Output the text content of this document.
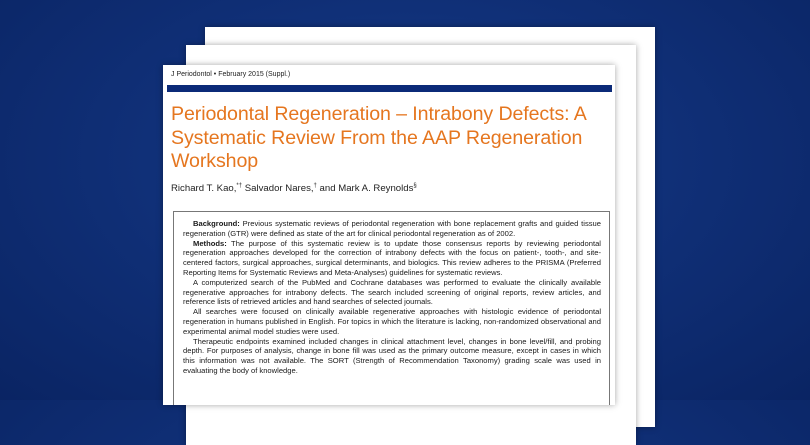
J Periodontol • February 2015 (Suppl.)
Periodontal Regeneration – Intrabony Defects: A Systematic Review From the AAP Regeneration Workshop
Richard T. Kao,*† Salvador Nares,† and Mark A. Reynolds§

Background: Previous systematic reviews of periodontal regeneration with bone replacement grafts and guided tissue regeneration (GTR) were defined as state of the art for clinical periodontal regeneration as of 2002.

Methods: The purpose of this systematic review is to update those consensus reports by reviewing periodontal regeneration approaches developed for the correction of intrabony defects with the focus on patient-, tooth-, and site-centered factors, surgical approaches, surgical determinants, and biologics. This review adheres to the PRISMA (Preferred Reporting Items for Systematic Reviews and Meta-Analyses) guidelines for systematic reviews.

A computerized search of the PubMed and Cochrane databases was performed to evaluate the clinically available regenerative approaches for intrabony defects. The search included screening of original reports, review articles, and reference lists of retrieved articles and hand searches of selected journals.

All searches were focused on clinically available regenerative approaches with histologic evidence of periodontal regeneration in humans published in English. For topics in which the literature is lacking, non-randomized observational and experimental animal model studies were used.

Therapeutic endpoints examined included changes in clinical attachment level, changes in bone level/fill, and probing depth. For purposes of analysis, change in bone fill was used as the primary outcome measure, except in cases in which this information was not available. The SORT (Strength of Recommendation Taxonomy) grading scale was used in evaluating the body of knowledge.
